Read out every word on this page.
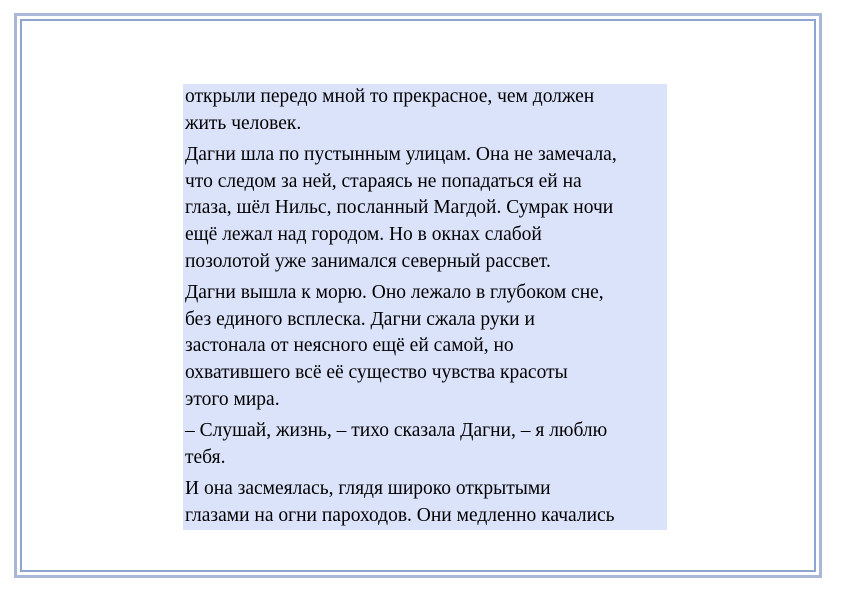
открыли передо мной то прекрасное, чем должен
жить человек.

Дагни шла по пустынным улицам. Она не замечала,
что следом за ней, стараясь не попадаться ей на
глаза, шёл Нильс, посланный Магдой. Сумрак ночи
ещё лежал над городом. Но в окнах слабой
позолотой уже занимался северный рассвет.

Дагни вышла к морю. Оно лежало в глубоком сне,
без единого всплеска. Дагни сжала руки и
застонала от неясного ещё ей самой, но
охватившего всё её существо чувства красоты
этого мира.

– Слушай, жизнь, – тихо сказала Дагни, – я люблю
тебя.

И она засмеялась, глядя широко открытыми
глазами на огни пароходов. Они медленно качались
